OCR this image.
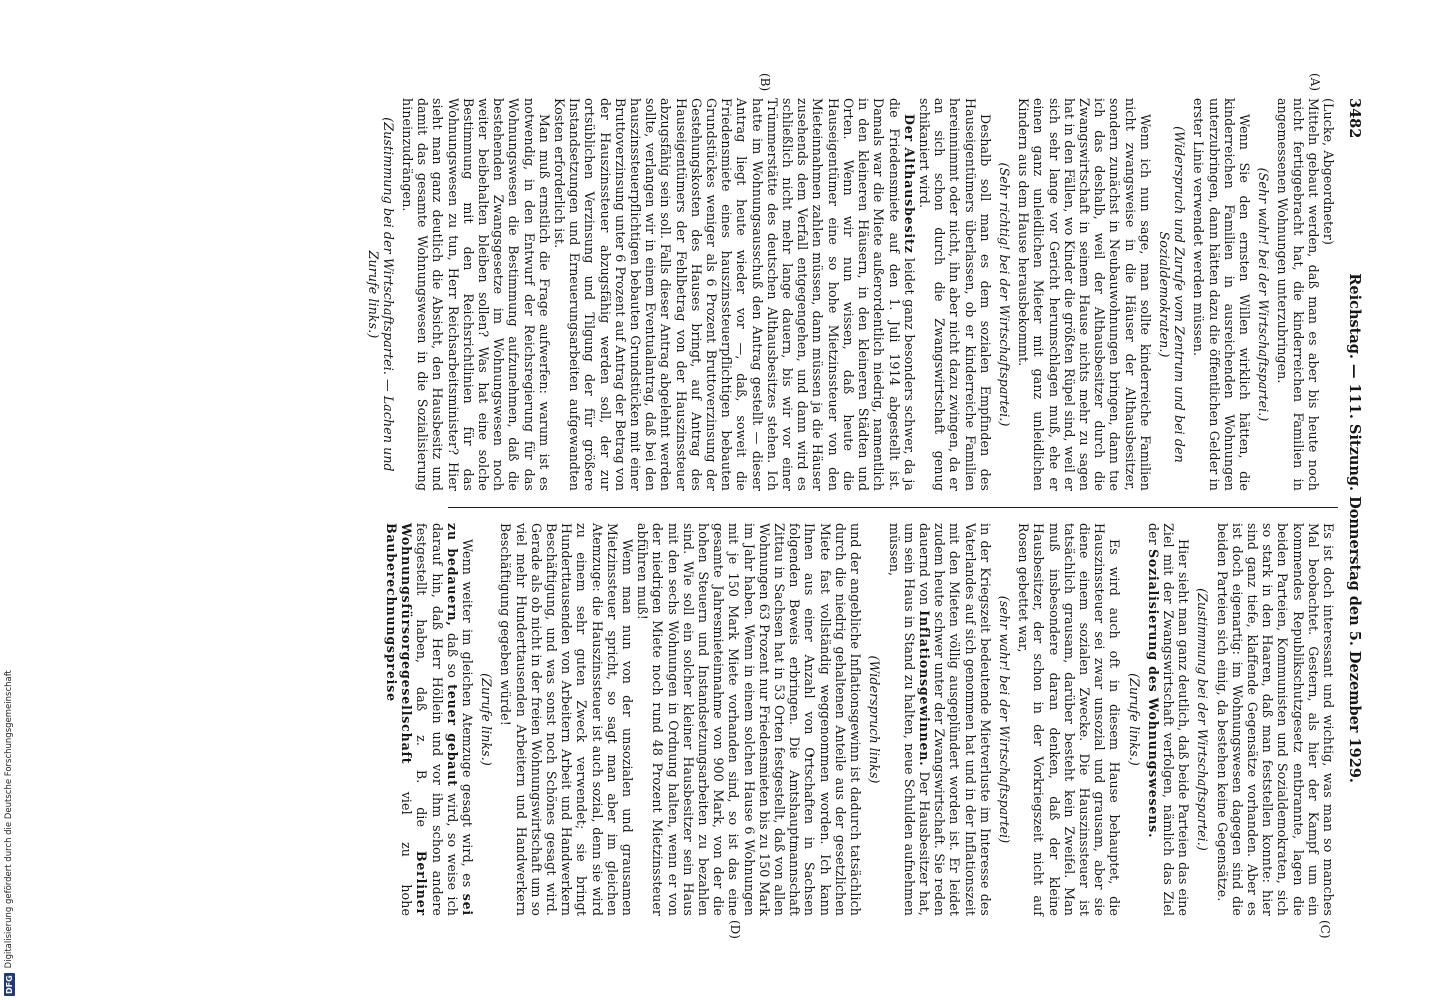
DFG
Digitalisierung gefördert durch die Deutsche Forschungsgemeinschaft
3482
Reichstag. — 111. Sitzung. Donnerstag den 5. Dezember 1929.
(A)
(B)
(C)
(D)

(Lucke, Abgeordneter)

Mitteln gebaut werden, daß man es aber bis heute noch nicht fertiggebracht hat, die kinderreichen Familien in angemessenen Wohnungen unterzubringen.

(Sehr wahr! bei der Wirtschaftspartei.)

Wenn Sie den ernsten Willen wirklich hätten, die kinderreichen Familien in ausreichenden Wohnungen unterzubringen, dann hätten dazu die öffentlichen Gelder in erster Linie verwendet werden müssen.

(Widerspruch und Zurufe vom Zentrum und bei den Sozialdemokraten.)

Wenn ich nun sage, man sollte kinderreiche Familien nicht zwangsweise in die Häuser der Althausbesitzer, sondern zunächst in Neubauwohnungen bringen, dann tue ich das deshalb, weil der Althausbesitzer durch die Zwangswirtschaft in seinem Hause nichts mehr zu sagen hat in den Fällen, wo Kinder die größten Rüpel sind, weil er sich sehr lange vor Gericht herumschlagen muß, ehe er einen ganz unleidlichen Mieter mit ganz unleidlichen Kindern aus dem Hause herausbekommt.

(Sehr richtig! bei der Wirtschaftspartei.)

Deshalb soll man es dem sozialen Empfinden des Hauseigentümers überlassen, ob er kinderreiche Familien hereinnimmt oder nicht, ihn aber nicht dazu zwingen, da er an sich schon durch die Zwangswirtschaft genug schikaniert wird.

Der Althausbesitz leidet ganz besonders schwer, da ja die Friedensmiete auf den 1. Juli 1914 abgestellt ist. Damals war die Miete außerordentlich niedrig, namentlich in den kleineren Häusern, in den kleineren Städten und Orten. Wenn wir nun wissen, daß heute die Hauseigentümer eine so hohe Mietzinssteuer von den Mieteinnahmen zahlen müssen, dann müssen ja die Häuser zusehends dem Verfall entgegengehen, und dann wird es schließlich nicht mehr lange dauern, bis wir vor einer Trümmerstätte des deutschen Althausbesitzes stehen. Ich hatte im Wohnungsausschuß den Antrag gestellt — dieser Antrag liegt heute wieder vor —, daß, soweit die Friedensmiete eines hauszinssteuerpflichtigen bebauten Grundstückes weniger als 6 Prozent Bruttoverzinsung der Gestehungskosten des Hauses bringt, auf Antrag des Hauseigentümers der Fehlbetrag von der Hauszinssteuer abzugsfähig sein soll. Falls dieser Antrag abgelehnt werden sollte, verlangen wir in einem Eventualantrag, daß bei den hauszinssteuerpflichtigen bebauten Grundstücken mit einer Bruttoverzinsung unter 6 Prozent auf Antrag der Betrag von der Hauszinssteuer abzugsfähig werden soll, der zur ortsüblichen Verzinsung und Tilgung der für größere Instandsetzungen und Erneuerungsarbeiten aufgewandten Kosten erforderlich ist.

Man muß ernstlich die Frage aufwerfen: warum ist es notwendig, in den Entwurf der Reichsregierung für das Wohnungswesen die Bestimmung aufzunehmen, daß die bestehenden Zwangsgesetze im Wohnungswesen noch weiter beibehalten bleiben sollen? Was hat eine solche Bestimmung mit den Reichsrichtlinien für das Wohnungswesen zu tun, Herr Reichsarbeitsminister? Hier sieht man ganz deutlich die Absicht, den Hausbesitz und damit das gesamte Wohnungswesen in die Sozialisierung hineinzudrängen.

(Zustimmung bei der Wirtschaftspartei. — Lachen und Zurufe links.)

Es ist doch interessant und wichtig, was man so manches Mal beobachtet. Gestern, als hier der Kampf um ein kommendes Republikschutzgesetz entbrannte, lagen die beiden Parteien, Kommunisten und Sozialdemokraten, sich so stark in den Haaren, daß man feststellen konnte: hier sind ganz tiefe, klaffende Gegensätze vorhanden. Aber es ist doch eigenartig: im Wohnungswesen dagegen sind die beiden Parteien sich einig, da bestehen keine Gegensätze.

(Zustimmung bei der Wirtschaftspartei.)

Hier sieht man ganz deutlich, daß beide Parteien das eine Ziel mit der Zwangswirtschaft verfolgen, nämlich das Ziel der Sozialisierung des Wohnungswesens.

(Zurufe links.)

Es wird auch oft in diesem Hause behauptet, die Hauszinssteuer sei zwar unsozial und grausam, aber sie diene einem sozialen Zwecke. Die Hauszinssteuer ist tatsächlich grausam, darüber besteht kein Zweifel. Man muß insbesondere daran denken, daß der kleine Hausbesitzer, der schon in der Vorkriegszeit nicht auf Rosen gebettet war,

(sehr wahr! bei der Wirtschaftspartei)

in der Kriegszeit bedeutende Mietverluste im Interesse des Vaterlandes auf sich genommen hat und in der Inflationszeit mit den Mieten völlig ausgeplündert worden ist. Er leidet zudem heute schwer unter der Zwangswirtschaft. Sie reden dauernd von Inflationsgewinnen. Der Hausbesitzer hat, um sein Haus in Stand zu halten, neue Schulden aufnehmen müssen,

(Widerspruch links)

und der angebliche Inflationsgewinn ist dadurch tatsächlich durch die niedrig gehaltenen Anteile aus der gesetzlichen Miete fast vollständig weggenommen worden. Ich kann Ihnen aus einer Anzahl von Ortschaften in Sachsen folgenden Beweis erbringen. Die Amtshauptmannschaft Zittau in Sachsen hat in 53 Orten festgestellt, daß von allen Wohnungen 63 Prozent nur Friedensmieten bis zu 150 Mark im Jahr haben. Wenn in einem solchen Hause 6 Wohnungen mit je 150 Mark Miete vorhanden sind, so ist das eine gesamte Jahresmieteinnahme von 900 Mark, von der die hohen Steuern und Instandsetzungsarbeiten zu bezahlen sind. Wie soll ein solcher kleiner Hausbesitzer sein Haus mit den sechs Wohnungen in Ordnung halten, wenn er von der niedrigen Miete noch rund 48 Prozent Mietzinssteuer abführen muß!

Wenn man nun von der unsozialen und grausamen Mietzinssteuer spricht, so sagt man aber im gleichen Atemzuge: die Hauszinssteuer ist auch sozial, denn sie wird zu einem sehr guten Zweck verwendet; sie bringt Hunderttausenden von Arbeitern Arbeit und Handwerkern Beschäftigung, und was sonst noch Schönes gesagt wird. Gerade als ob nicht in der freien Wohnungswirtschaft um so viel mehr Hunderttausenden Arbeitern und Handwerkern Beschäftigung gegeben würde!

(Zurufe links.)

Wenn weiter im gleichen Atemzuge gesagt wird, es sei zu bedauern, daß so teuer gebaut wird, so weise ich darauf hin, daß Herr Höllein und vor ihm schon andere festgestellt haben, daß z. B. die Berliner Wohnungsfürsorgegesellschaft viel zu hohe Bauberechnungspreise
